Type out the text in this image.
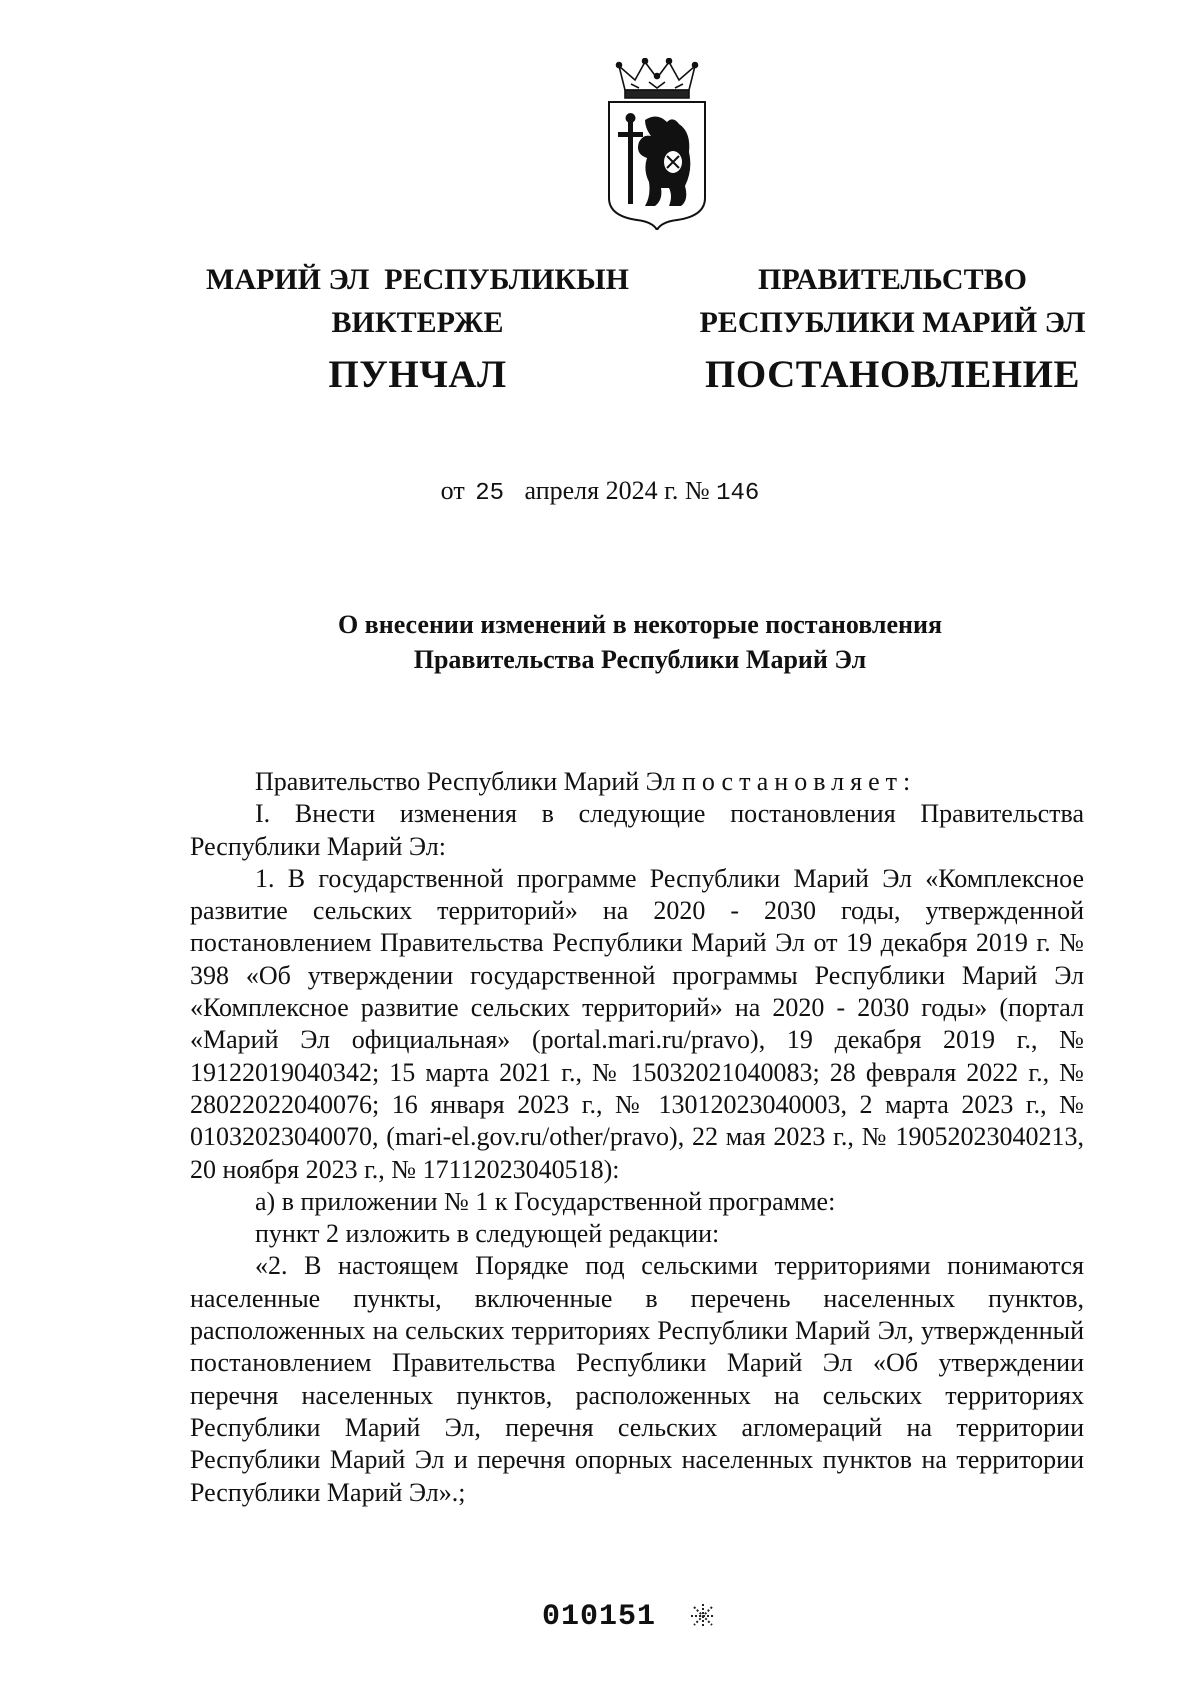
МАРИЙ ЭЛ  РЕСПУБЛИКЫН
ВИКТЕРЖЕ
ПУНЧАЛ
ПРАВИТЕЛЬСТВО
РЕСПУБЛИКИ МАРИЙ ЭЛ
ПОСТАНОВЛЕНИЕ
от 25 апреля 2024 г. № 146
О внесении изменений в некоторые постановления
Правительства Республики Марий Эл

Правительство Республики Марий Эл постановляет:

I. Внести изменения в следующие постановления Правительства Республики Марий Эл:

1. В государственной программе Республики Марий Эл «Комплексное развитие сельских территорий» на 2020 - 2030 годы, утвержденной постановлением Правительства Республики Марий Эл от 19 декабря 2019 г. № 398 «Об утверждении государственной программы Республики Марий Эл «Комплексное развитие сельских территорий» на 2020 - 2030 годы» (портал «Марий Эл официальная» (portal.mari.ru/pravo), 19 декабря 2019 г., № 19122019040342; 15 марта 2021 г., № 15032021040083; 28 февраля 2022 г., № 28022022040076; 16 января 2023 г., № 13012023040003, 2 марта 2023 г., № 01032023040070, (mari-el.gov.ru/other/pravo), 22 мая 2023 г., № 19052023040213, 20 ноября 2023 г., № 17112023040518):

а) в приложении № 1 к Государственной программе:

пункт 2 изложить в следующей редакции:

«2. В настоящем Порядке под сельскими территориями понимаются населенные пункты, включенные в перечень населенных пунктов, расположенных на сельских территориях Республики Марий Эл, утвержденный постановлением Правительства Республики Марий Эл «Об утверждении перечня населенных пунктов, расположенных на сельских территориях Республики Марий Эл, перечня сельских агломераций на территории Республики Марий Эл и перечня опорных населенных пунктов на территории Республики Марий Эл».;

010151
